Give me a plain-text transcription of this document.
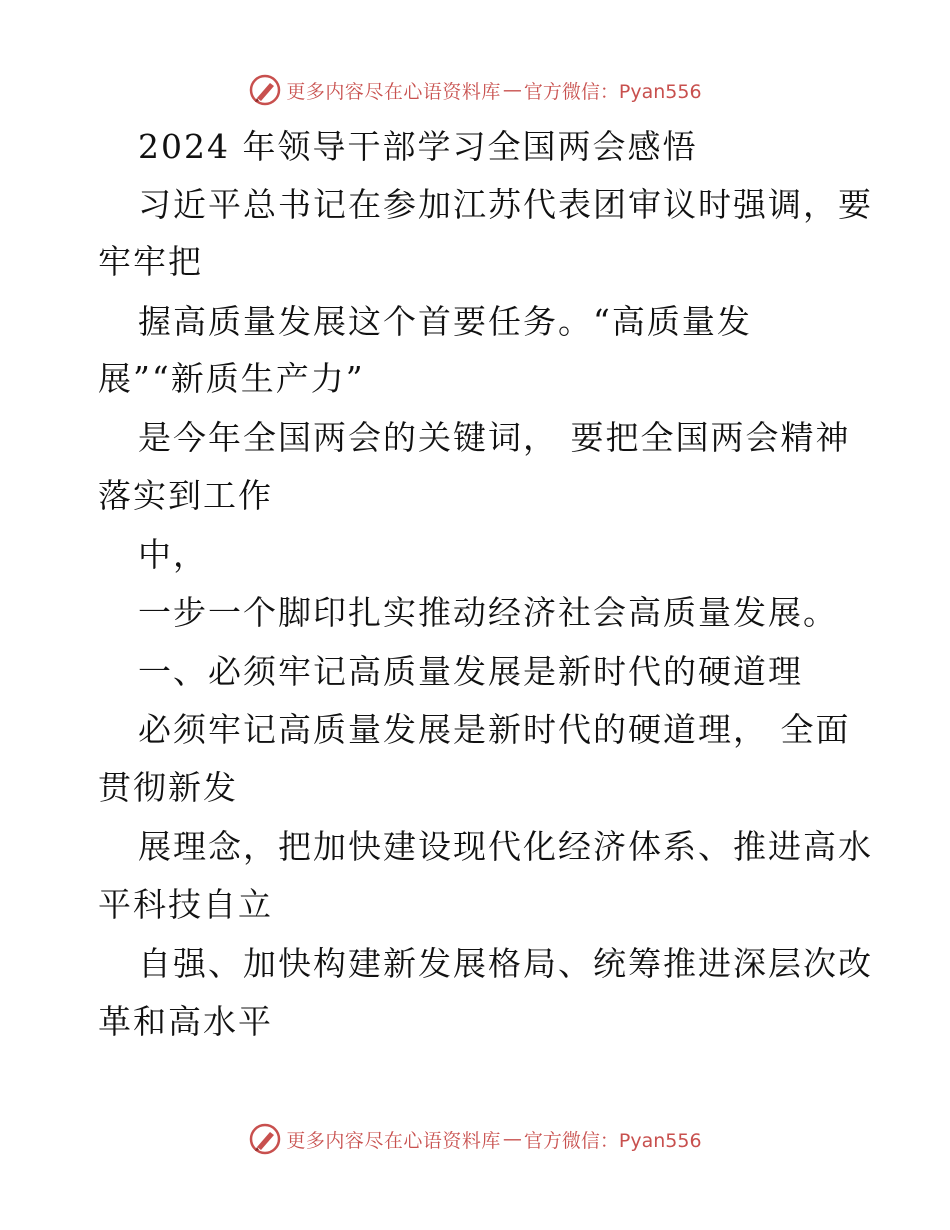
更多内容尽在心语资料库 — 官方微信：Pyan556
2024 年领导干部学习全国两会感悟
习近平总书记在参加江苏代表团审议时强调，要
牢牢把
握高质量发展这个首要任务。“高质量发
展”“新质生产力”
是今年全国两会的关键词， 要把全国两会精神
落实到工作
中，
一步一个脚印扎实推动经济社会高质量发展。
一、必须牢记高质量发展是新时代的硬道理
必须牢记高质量发展是新时代的硬道理， 全面
贯彻新发
展理念，把加快建设现代化经济体系、推进高水
平科技自立
自强、加快构建新发展格局、统筹推进深层次改
革和高水平
更多内容尽在心语资料库 — 官方微信：Pyan556
